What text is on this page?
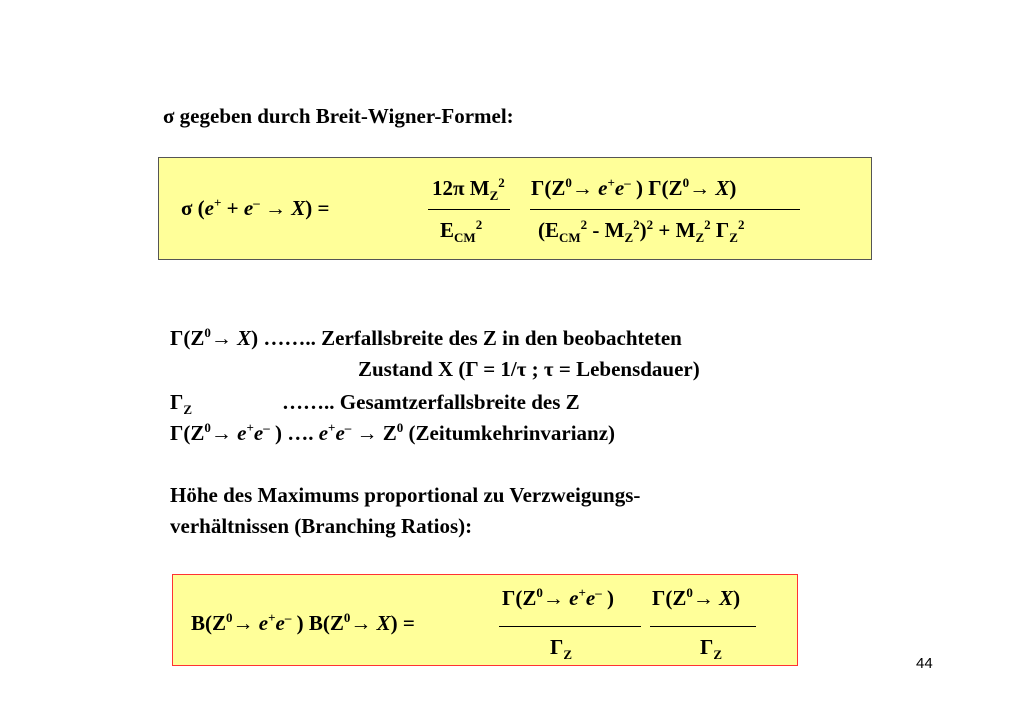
σ gegeben durch Breit-Wigner-Formel:
σ (e+ + e– → X) =
12π $M_Z^2$
$E_{CM}^2$
$\Gamma(Z^0\to e^+e^-$ ) $\Gamma(Z^0\to X)$
$(E_{CM}^2 - M_Z^2)^2 + M_Z^2$ $\Gamma_Z^2$
$\Gamma(Z^0\to X)$ …….. Zerfallsbreite des Z in den beobachteten
Zustand X (Γ = 1/τ ; τ = Lebensdauer)
$\Gamma_Z$	…….. Gesamtzerfallsbreite des Z
$\Gamma(Z^0\to e^+e^-$ ) …. $e^+e^- \to Z^0$ (Zeitumkehrinvarianz)
Höhe des Maximums proportional zu Verzweigungs-
verhältnissen (Branching Ratios):
$B(Z^0\to e^+e^-$ ) $B(Z^0\to X)$ =
$\Gamma(Z^0\to e^+e^-$ ) $\Gamma(Z^0\to X)$
$\Gamma_Z$	$\Gamma_Z$
44
